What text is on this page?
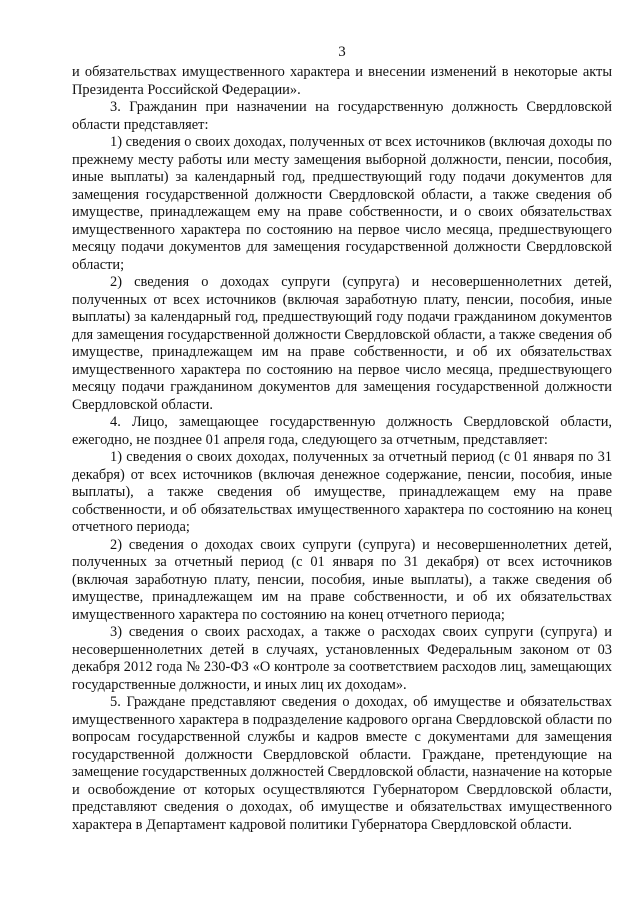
3

и обязательствах имущественного характера и внесении изменений в некоторые акты Президента Российской Федерации».

3. Гражданин при назначении на государственную должность Свердловской области представляет:

1) сведения о своих доходах, полученных от всех источников (включая доходы по прежнему месту работы или месту замещения выборной должности, пенсии, пособия, иные выплаты) за календарный год, предшествующий году подачи документов для замещения государственной должности Свердловской области, а также сведения об имуществе, принадлежащем ему на праве собственности, и о своих обязательствах имущественного характера по состоянию на первое число месяца, предшествующего месяцу подачи документов для замещения государственной должности Свердловской области;

2) сведения о доходах супруги (супруга) и несовершеннолетних детей, полученных от всех источников (включая заработную плату, пенсии, пособия, иные выплаты) за календарный год, предшествующий году подачи гражданином документов для замещения государственной должности Свердловской области, а также сведения об имуществе, принадлежащем им на праве собственности, и об их обязательствах имущественного характера по состоянию на первое число месяца, предшествующего месяцу подачи гражданином документов для замещения государственной должности Свердловской области.

4. Лицо, замещающее государственную должность Свердловской области, ежегодно, не позднее 01 апреля года, следующего за отчетным, представляет:

1) сведения о своих доходах, полученных за отчетный период (с 01 января по 31 декабря) от всех источников (включая денежное содержание, пенсии, пособия, иные выплаты), а также сведения об имуществе, принадлежащем ему на праве собственности, и об обязательствах имущественного характера по состоянию на конец отчетного периода;

2) сведения о доходах своих супруги (супруга) и несовершеннолетних детей, полученных за отчетный период (с 01 января по 31 декабря) от всех источников (включая заработную плату, пенсии, пособия, иные выплаты), а также сведения об имуществе, принадлежащем им на праве собственности, и об их обязательствах имущественного характера по состоянию на конец отчетного периода;

3) сведения о своих расходах, а также о расходах своих супруги (супруга) и несовершеннолетних детей в случаях, установленных Федеральным законом от 03 декабря 2012 года № 230-ФЗ «О контроле за соответствием расходов лиц, замещающих государственные должности, и иных лиц их доходам».

5. Граждане представляют сведения о доходах, об имуществе и обязательствах имущественного характера в подразделение кадрового органа Свердловской области по вопросам государственной службы и кадров вместе с документами для замещения государственной должности Свердловской области. Граждане, претендующие на замещение государственных должностей Свердловской области, назначение на которые и освобождение от которых осуществляются Губернатором Свердловской области, представляют сведения о доходах, об имуществе и обязательствах имущественного характера в Департамент кадровой политики Губернатора Свердловской области.
